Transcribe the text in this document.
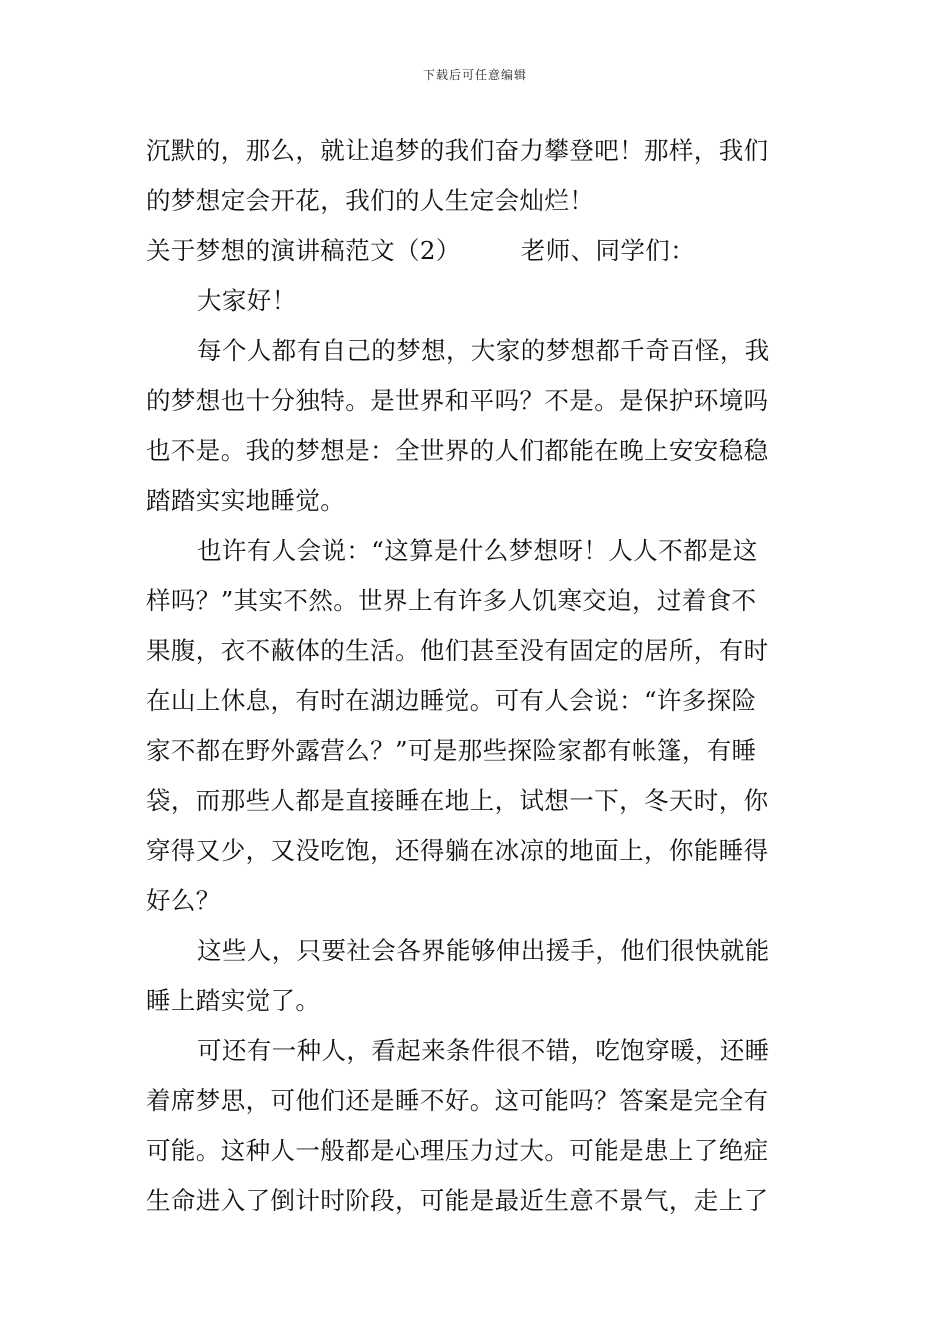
下载后可任意编辑
沉默的，那么，就让追梦的我们奋力攀登吧！那样，我们
的梦想定会开花，我们的人生定会灿烂！
关于梦想的演讲稿范文（2） 老师、同学们：
大家好！
每个人都有自己的梦想，大家的梦想都千奇百怪，我
的梦想也十分独特。是世界和平吗？不是。是保护环境吗
也不是。我的梦想是：全世界的人们都能在晚上安安稳稳
踏踏实实地睡觉。
也许有人会说：“这算是什么梦想呀！人人不都是这
样吗？”其实不然。世界上有许多人饥寒交迫，过着食不
果腹，衣不蔽体的生活。他们甚至没有固定的居所，有时
在山上休息，有时在湖边睡觉。可有人会说：“许多探险
家不都在野外露营么？”可是那些探险家都有帐篷，有睡
袋，而那些人都是直接睡在地上，试想一下，冬天时，你
穿得又少，又没吃饱，还得躺在冰凉的地面上，你能睡得
好么？
这些人，只要社会各界能够伸出援手，他们很快就能
睡上踏实觉了。
可还有一种人，看起来条件很不错，吃饱穿暖，还睡
着席梦思，可他们还是睡不好。这可能吗？答案是完全有
可能。这种人一般都是心理压力过大。可能是患上了绝症
生命进入了倒计时阶段，可能是最近生意不景气，走上了
